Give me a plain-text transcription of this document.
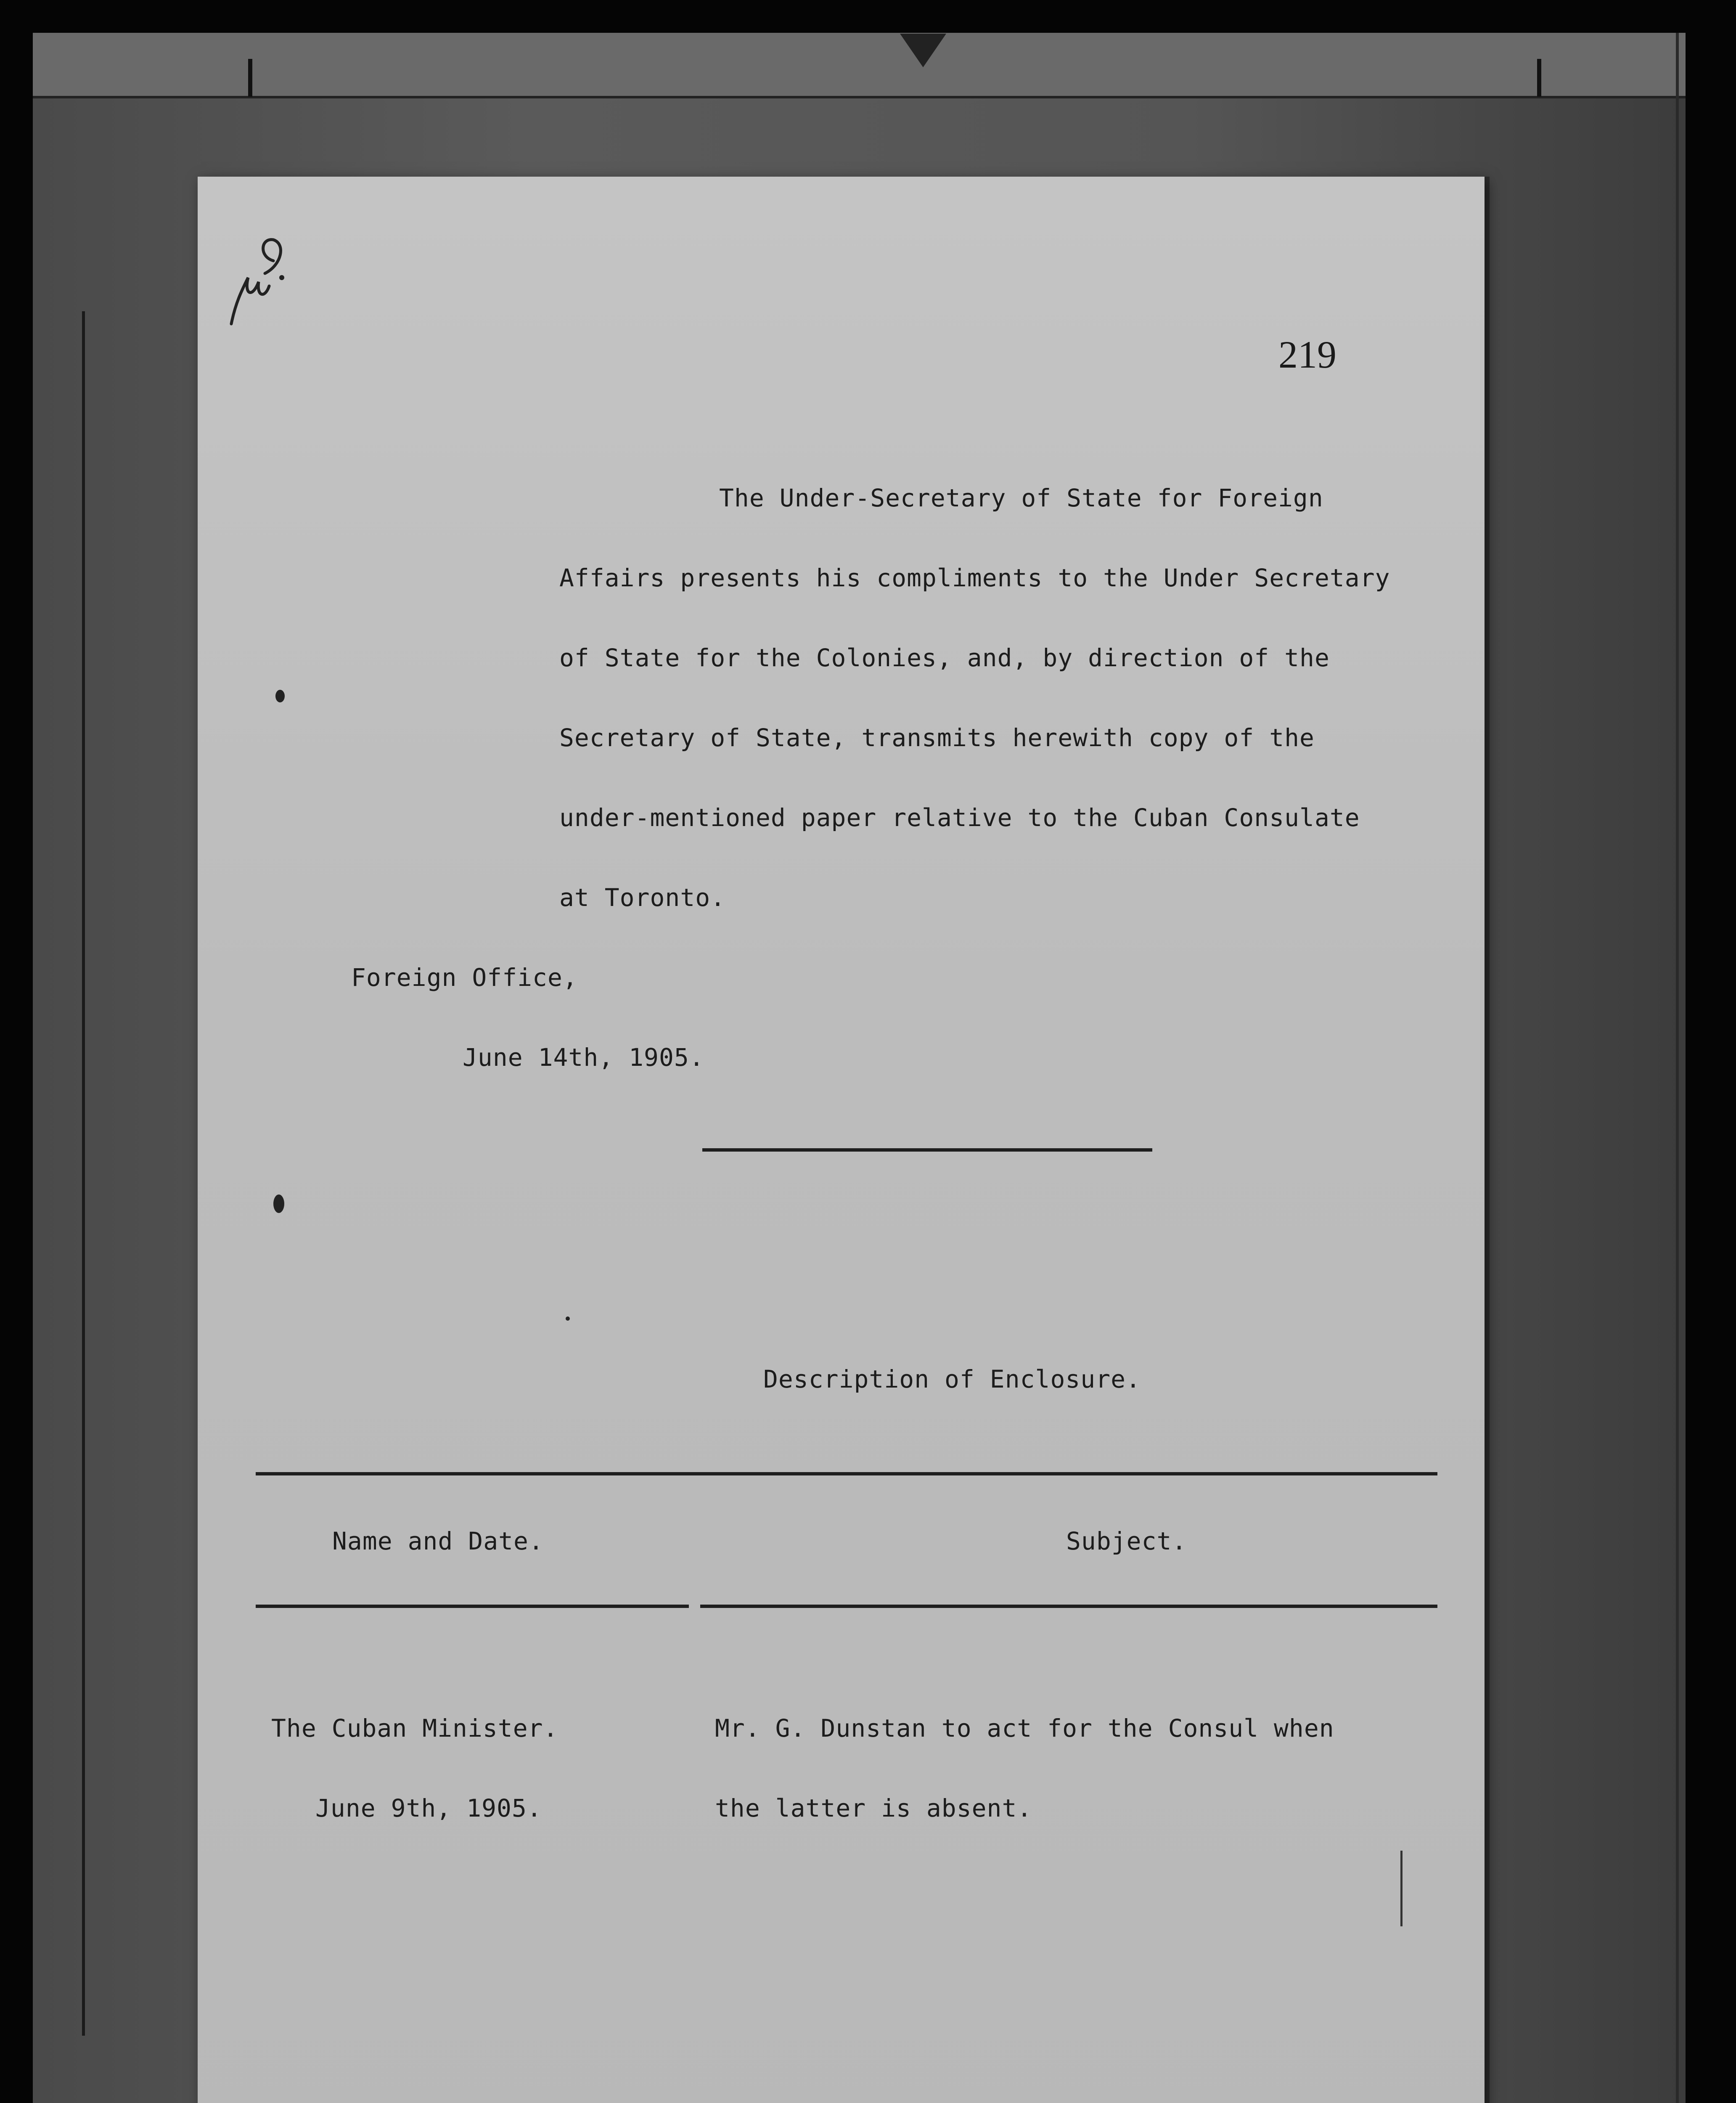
219
The Under-Secretary of State for Foreign
Affairs presents his compliments to the Under Secretary
of State for the Colonies, and, by direction of the
Secretary of State, transmits herewith copy of the
under-mentioned paper relative to the Cuban Consulate
at Toronto.
Foreign Office,
June 14th, 1905.
Description of Enclosure.
Name and Date.	Subject.
The Cuban Minister.
June 9th, 1905.
Mr. G. Dunstan to act for the Consul when
the latter is absent.
